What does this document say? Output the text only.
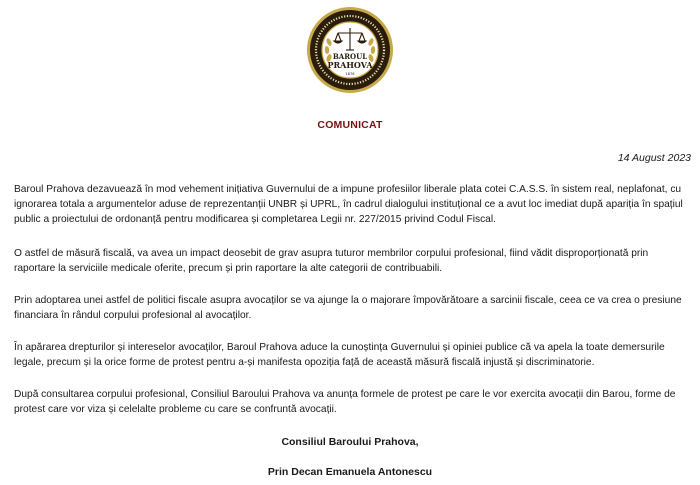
BAROUL
PRAHOVA
1876
COMUNICAT
14 August 2023
Baroul Prahova dezavuează în mod vehement inițiativa Guvernului de a impune profesiilor liberale plata cotei C.A.S.S. în sistem real, neplafonat, cu ignorarea totala a argumentelor aduse de reprezentanții UNBR și UPRL, în cadrul dialogului instituțional ce a avut loc imediat după apariția în spațiul public a proiectului de ordonanță pentru modificarea și completarea Legii nr. 227/2015 privind Codul Fiscal.
O astfel de măsură fiscală, va avea un impact deosebit de grav asupra tuturor membrilor corpului profesional, fiind vădit disproporționată prin raportare la serviciile medicale oferite, precum și prin raportare la alte categorii de contribuabili.
Prin adoptarea unei astfel de politici fiscale asupra avocaților se va ajunge la o majorare împovărătoare a sarcinii fiscale, ceea ce va crea o presiune financiara în rândul corpului profesional al avocaților.
În apărarea drepturilor și intereselor avocaților, Baroul Prahova aduce la cunoștința Guvernului și opiniei publice că va apela la toate demersurile legale, precum și la orice forme de protest pentru a-și manifesta opoziția față de această măsură fiscală injustă și discriminatorie.
După consultarea corpului profesional, Consiliul Baroului Prahova va anunța formele de protest pe care le vor exercita avocații din Barou, forme de protest care vor viza și celelalte probleme cu care se confruntă avocații.
Consiliul Baroului Prahova,
Prin Decan Emanuela Antonescu
